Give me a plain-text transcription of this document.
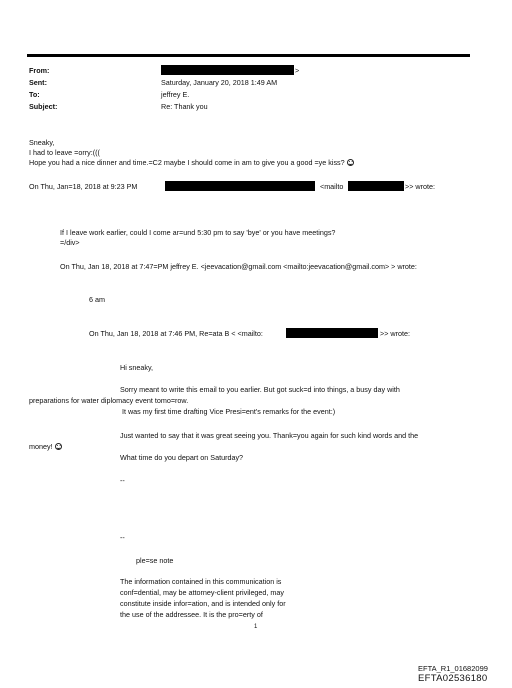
From:	>
Sent:	Saturday, January 20, 2018 1:49 AM
To:	jeffrey E.
Subject:	Re: Thank you
Sneaky,
I had to leave =orry:(((
Hope you had a nice dinner and time.=C2 maybe I should come in am to give you a good =ye kiss?
On Thu, Jan=18, 2018 at 9:23 PM	<mailto	>> wrote:
If I leave work earlier, could I come ar=und 5:30 pm to say 'bye' or you have meetings?
=/div>
On Thu, Jan 18, 2018 at 7:47=PM jeffrey E. <jeevacation@gmail.com <mailto:jeevacation@gmail.com> > wrote:
6 am
On Thu, Jan 18, 2018 at 7:46 PM, Re=ata B < <mailto:	>> wrote:
Hi sneaky,
Sorry meant to write this email to you earlier. But got suck=d into things, a busy day with
preparations for water diplomacy event tomo=row.
It was my first time drafting Vice Presi=ent's remarks for the event:)
Just wanted to say that it was great seeing you. Thank=you again for such kind words and the
money!
What time do you depart on Saturday?
--
--
ple=se note
The information contained in this communication is
conf=dential, may be attorney-client privileged, may
constitute inside infor=ation, and is intended only for
the use of the addressee. It is the pro=erty of
1
EFTA_R1_01682099
EFTA02536180
